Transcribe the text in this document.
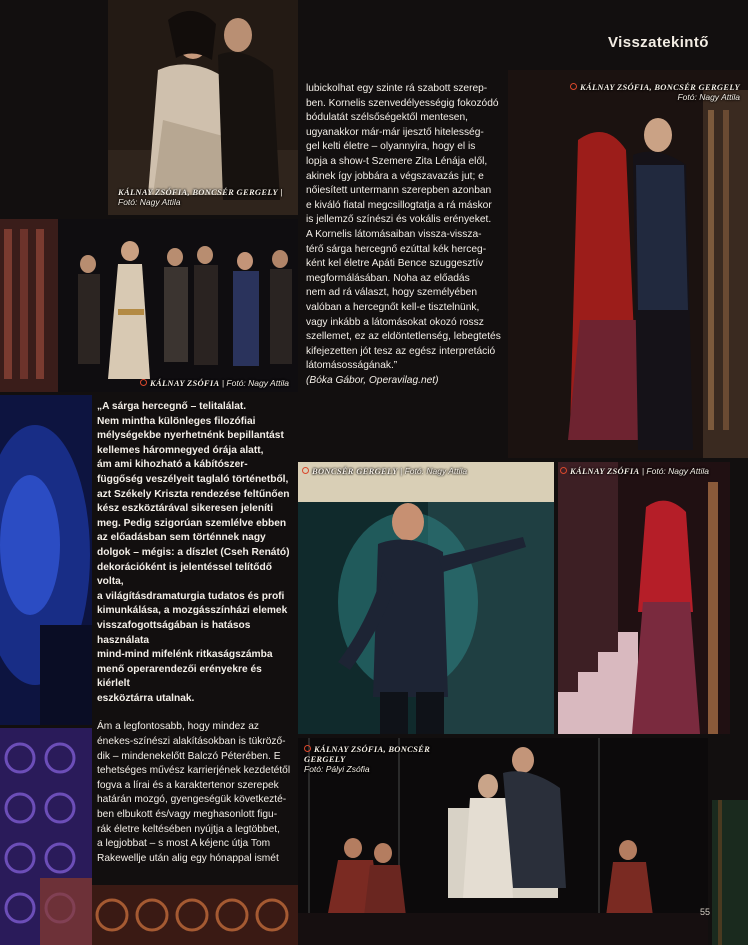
Visszatekintő
KÁLNAY ZSÓFIA, BONCSÉR GERGELY | Fotó: Nagy Attila
KÁLNAY ZSÓFIA | Fotó: Nagy Attila
KÁLNAY ZSÓFIA, BONCSÉR GERGELY
Fotó: Nagy Attila
BONCSÉR GERGELY | Fotó: Nagy Attila	KÁLNAY ZSÓFIA | Fotó: Nagy Attila
KÁLNAY ZSÓFIA, BONCSÉR GERGELY
Fotó: Pályi Zsófia

lubickolhat egy szinte rá szabott szerep-

ben. Kornelis szenvedélyességig fokozódó

bódulatát szélsőségektől mentesen,

ugyanakkor már-már ijesztő hitelesség-

gel kelti életre – olyannyira, hogy el is

lopja a show-t Szemere Zita Lénája elől,

akinek így jobbára a végszavazás jut; e

nőiesített untermann szerepben azonban

e kiváló fiatal megcsillogtatja a rá máskor

is jellemző színészi és vokális erényeket.

A Kornelis látomásaiban vissza-vissza-

térő sárga hercegnő ezúttal kék herceg-

ként kel életre Apáti Bence szuggesztív

megformálásában. Noha az előadás

nem ad rá választ, hogy személyében

valóban a hercegnőt kell-e tisztelnünk,

vagy inkább a látomásokat okozó rossz

szellemet, ez az eldöntetlenség, lebegtetés

kifejezetten jót tesz az egész interpretáció

látomásosságának.”

(Bóka Gábor, Operavilag.net)

„A sárga hercegnő – telitalálat.

Nem mintha különleges filozófiai

mélységekbe nyerhetnénk bepillantást

kellemes háromnegyed órája alatt,

ám ami kihozható a kábítószer-

függőség veszélyeit taglaló történetből,

azt Székely Kriszta rendezése feltűnően

kész eszköztárával sikeresen jeleníti

meg. Pedig szigorúan szemlélve ebben

az előadásban sem történnek nagy

dolgok – mégis: a díszlet (Cseh Renátó)

dekorációként is jelentéssel telítődő volta,

a világításdramaturgia tudatos és profi

kimunkálása, a mozgásszínházi elemek

visszafogottságában is hatásos használata

mind-mind mifelénk ritkaságszámba

menő operarendezői erényekre és kiérlelt

eszköztárra utalnak.

Ám a legfontosabb, hogy mindez az

énekes-színészi alakításokban is tükröző-

dik – mindenekelőtt Balczó Péterében. E

tehetséges művész karrierjének kezdetétől

fogva a lírai és a karakterteno​r szerepek

határán mozgó, gyengeségük következté-

ben elbukott és/vagy meghasonlott figu-

rák életre keltésében nyújtja a legtöbbet,

a legjobbat – s most A kéjenc útja Tom

Rakewellje után alig egy hónappal ismét

55
